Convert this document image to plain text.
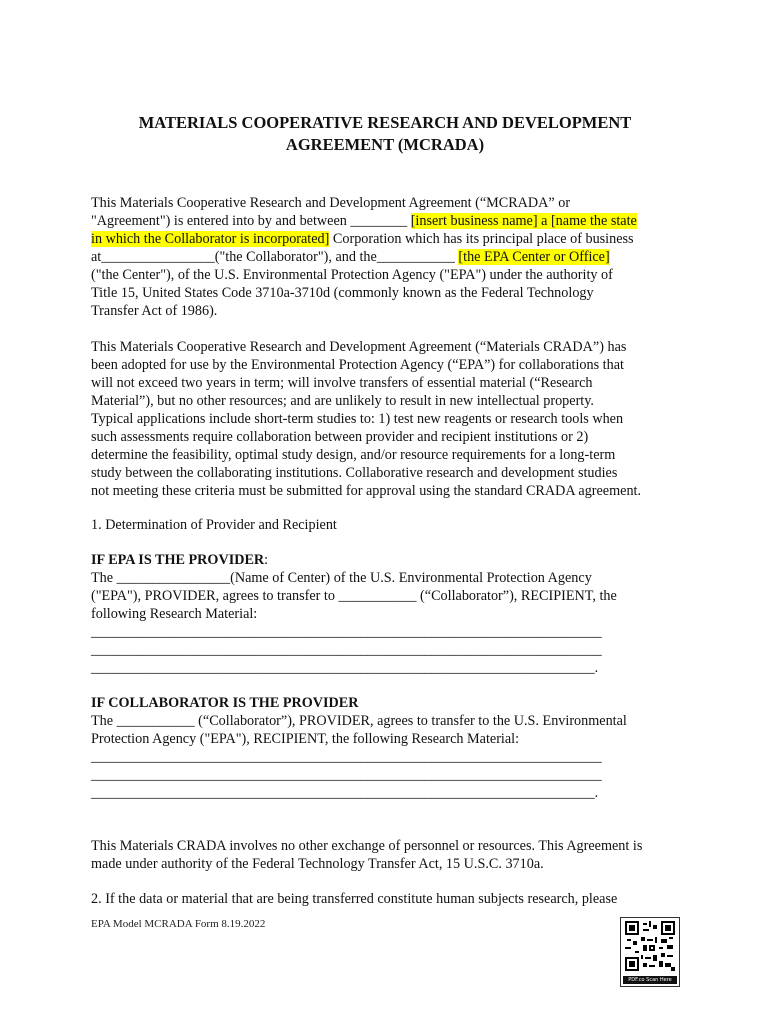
MATERIALS COOPERATIVE RESEARCH AND DEVELOPMENT
AGREEMENT (MCRADA)
This Materials Cooperative Research and Development Agreement (“MCRADA” or
"Agreement") is entered into by and between ________ [insert business name] a [name the state
in which the Collaborator is incorporated] Corporation which has its principal place of business
at________________("the Collaborator"), and the___________ [the EPA Center or Office]
("the Center"), of the U.S. Environmental Protection Agency ("EPA") under the authority of
Title 15, United States Code 3710a-3710d (commonly known as the Federal Technology
Transfer Act of 1986).
This Materials Cooperative Research and Development Agreement (“Materials CRADA”) has
been adopted for use by the Environmental Protection Agency (“EPA”) for collaborations that
will not exceed two years in term; will involve transfers of essential material (“Research
Material”), but no other resources; and are unlikely to result in new intellectual property.
Typical applications include short-term studies to: 1) test new reagents or research tools when
such assessments require collaboration between provider and recipient institutions or 2)
determine the feasibility, optimal study design, and/or resource requirements for a long-term
study between the collaborating institutions. Collaborative research and development studies
not meeting these criteria must be submitted for approval using the standard CRADA agreement.
1. Determination of Provider and Recipient
IF EPA IS THE PROVIDER:
The ________________(Name of Center) of the U.S. Environmental Protection Agency
("EPA"), PROVIDER, agrees to transfer to ___________ (“Collaborator”), RECIPIENT, the
following Research Material:
________________________________________________________________________
________________________________________________________________________
_______________________________________________________________________.
IF COLLABORATOR IS THE PROVIDER
The ___________ (“Collaborator”), PROVIDER, agrees to transfer to the U.S. Environmental
Protection Agency ("EPA"), RECIPIENT, the following Research Material:
________________________________________________________________________
________________________________________________________________________
_______________________________________________________________________.
This Materials CRADA involves no other exchange of personnel or resources. This Agreement is
made under authority of the Federal Technology Transfer Act, 15 U.S.C. 3710a.
2. If the data or material that are being transferred constitute human subjects research, please
EPA Model MCRADA Form 8.19.2022
PDF.co Scan Here
